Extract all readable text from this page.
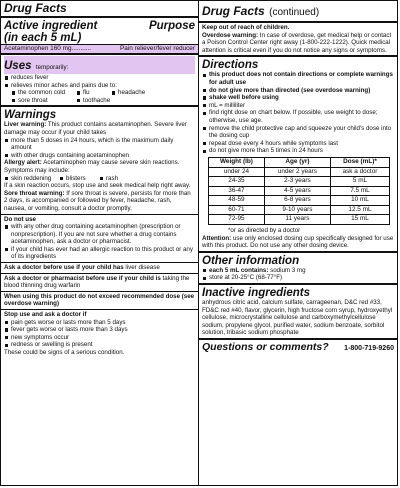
Drug Facts
Active ingredient	Purpose
(in each 5 mL)
Acetaminophen 160 mg...........	Pain reliever/fever reducer
Uses temporarily:
reduces fever
relieves minor aches and pains due to:
the common cold	flu	headache
sore throat	toothache
Warnings
Liver warning: This product contains acetaminophen. Severe liver damage may occur if your child takes
more than 5 doses in 24 hours, which is the maximum daily amount
with other drugs containing acetaminophen
Allergy alert: Acetaminophen may cause severe skin reactions. Symptoms may include:
skin reddening	blisters	rash
If a skin reaction occurs, stop use and seek medical help right away.
Sore throat warning: If sore throat is severe, persists for more than 2 days, is accompanied or followed by fever, headache, rash, nausea, or vomiting, consult a doctor promptly.
Do not use
with any other drug containing acetaminophen (prescription or nonprescription). If you are not sure whether a drug contains acetaminophen, ask a doctor or pharmacist.
if your child has ever had an allergic reaction to this product or any of its ingredients
Ask a doctor before use if your child has liver disease
Ask a doctor or pharmacist before use if your child is taking the blood thinning drug warfarin
When using this product do not exceed recommended dose (see overdose warning)
Stop use and ask a doctor if
pain gets worse or lasts more than 5 days
fever gets worse or lasts more than 3 days
new symptoms occur
redness or swelling is present
These could be signs of a serious condition.
Drug Facts (continued)
Keep out of reach of children.
Overdose warning: In case of overdose, get medical help or contact a Poison Control Center right away (1-800-222-1222). Quick medical attention is critical even if you do not notice any signs or symptoms.
Directions
this product does not contain directions or complete warnings for adult use
do not give more than directed (see overdose warning)
shake well before using
mL = milliliter
find right dose on chart below. If possible, use weight to dose; otherwise, use age.
remove the child protective cap and squeeze your child's dose into the dosing cup
repeat dose every 4 hours while symptoms last
do not give more than 5 times in 24 hours
Weight (lb)	Age (yr)	Dose (mL)*
under 24	under 2 years	ask a doctor
24-35	2-3 years	5 mL
36-47	4-5 years	7.5 mL
48-59	6-8 years	10 mL
60-71	9-10 years	12.5 mL
72-95	11 years	15 mL
*or as directed by a doctor
Attention: use only enclosed dosing cup specifically designed for use with this product. Do not use any other dosing device.
Other information
each 5 mL contains: sodium 3 mg
store at 20-25°C (68-77°F)
Inactive ingredients
anhydrous citric acid, calcium sulfate, carrageenan, D&C red #33, FD&C red #40, flavor, glycerin, high fructose corn syrup, hydroxyethyl cellulose, microcrystalline cellulose and carboxymethylcellulose sodium, propylene glycol, purified water, sodium benzoate, sorbitol solution, tribasic sodium phosphate
Questions or comments? 1-800-719-9260
